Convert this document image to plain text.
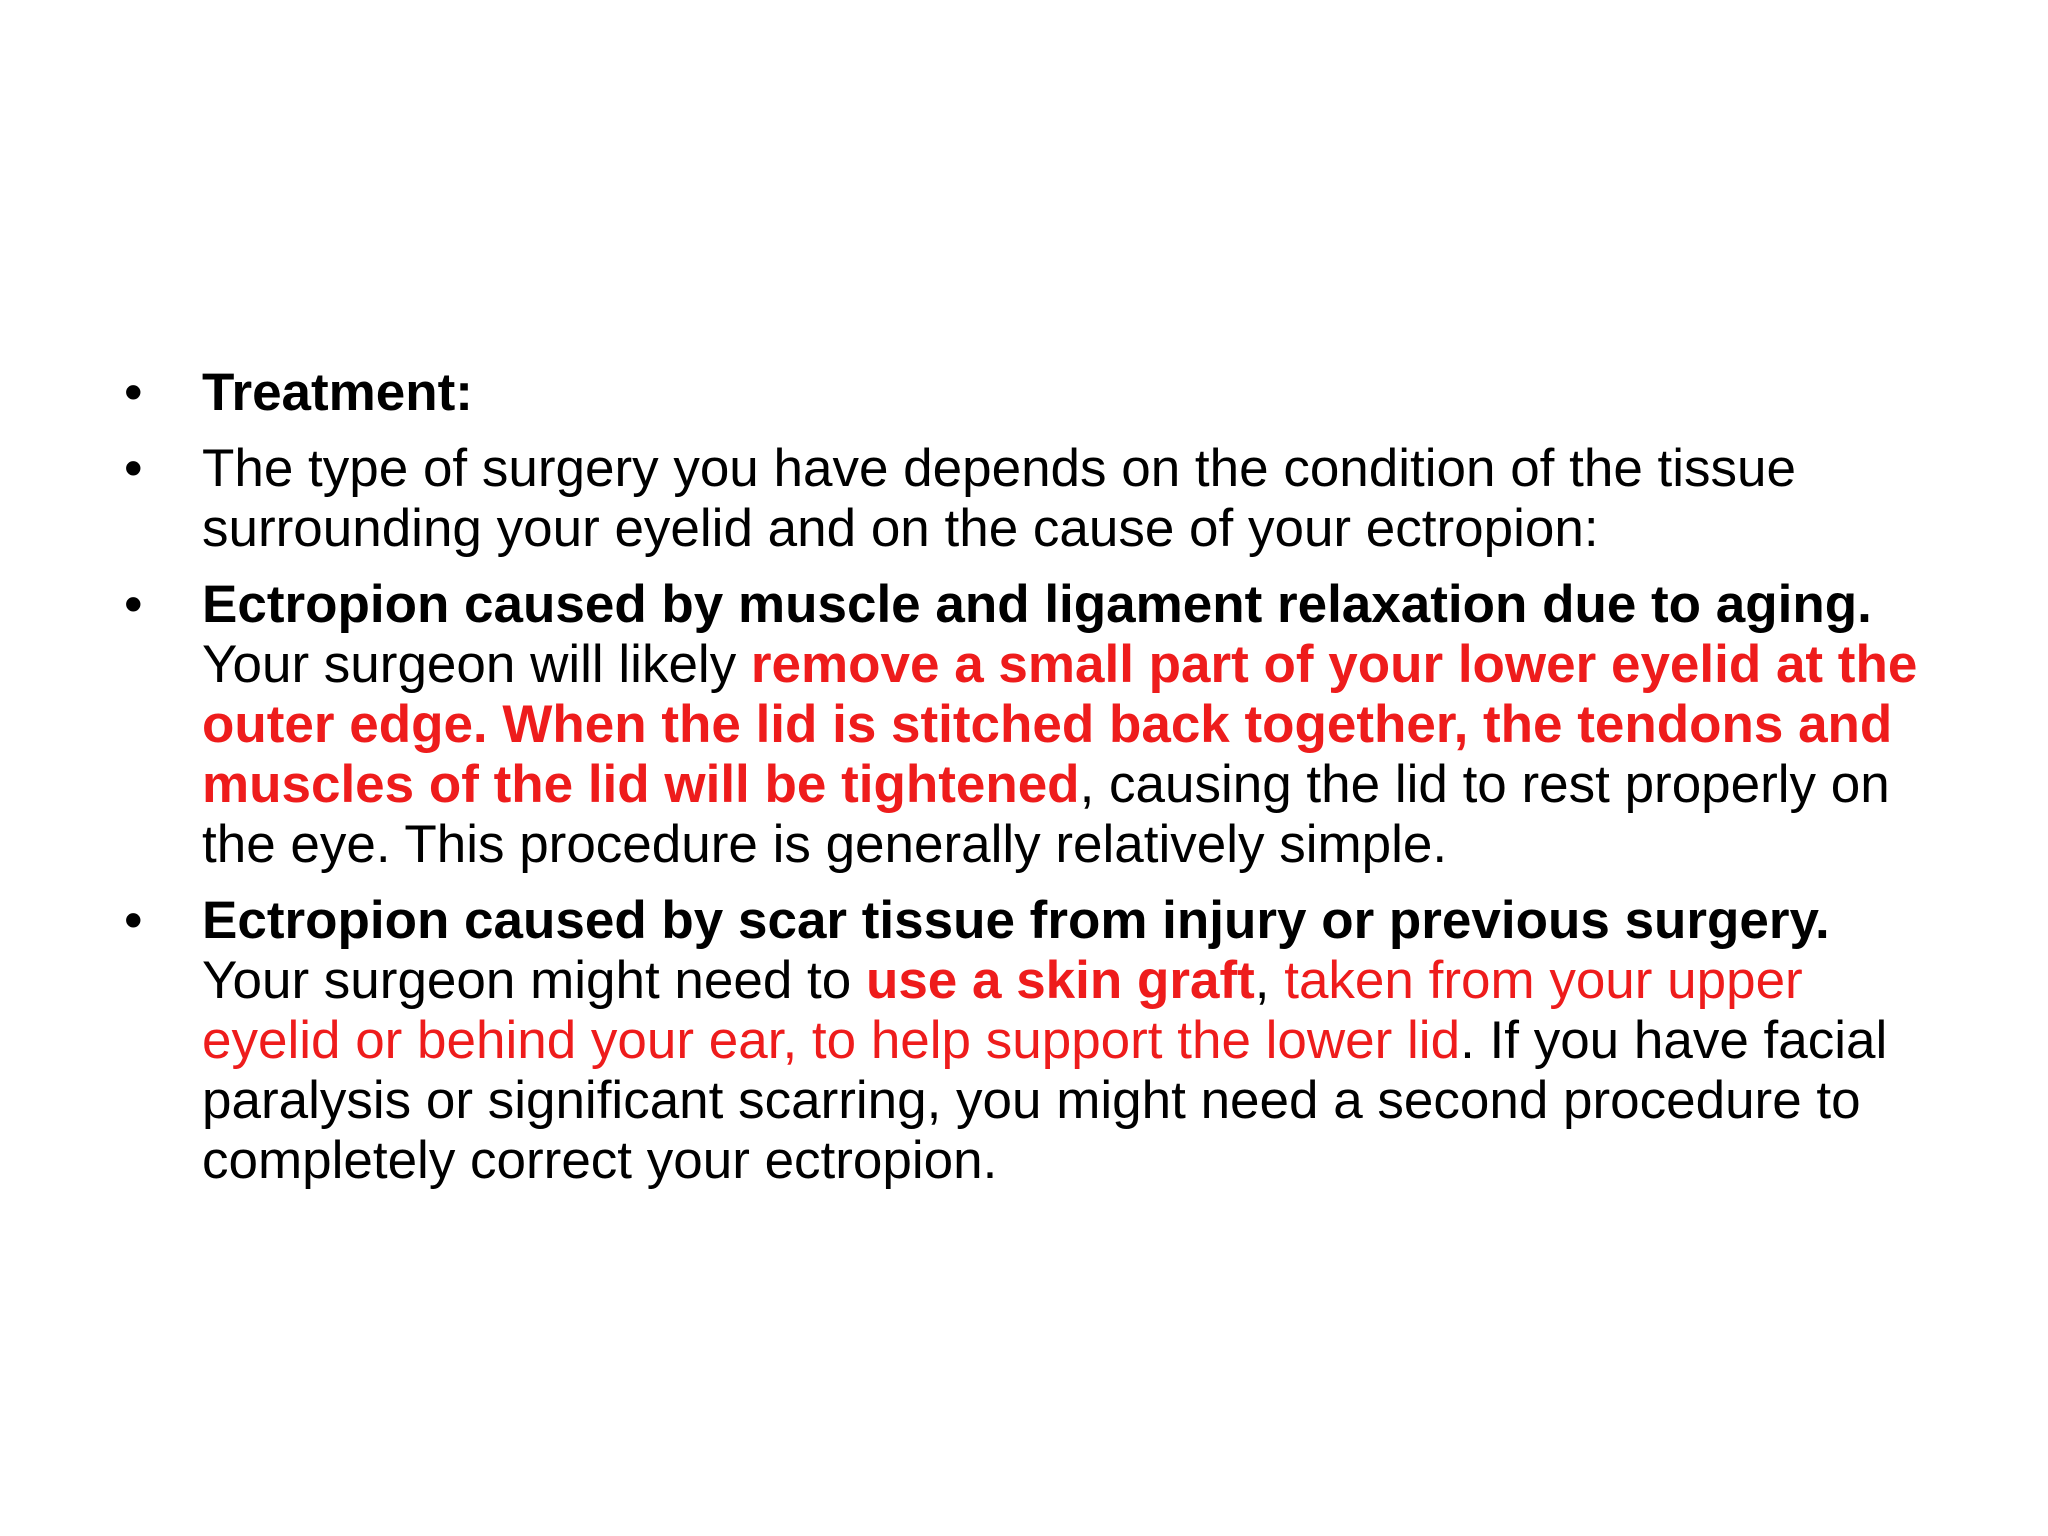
•	Treatment:
•	The type of surgery you have depends on the condition of the tissue surrounding your eyelid and on the cause of your ectropion:
•	Ectropion caused by muscle and ligament relaxation due to aging. Your surgeon will likely remove a small part of your lower eyelid at the outer edge. When the lid is stitched back together, the tendons and muscles of the lid will be tightened, causing the lid to rest properly on the eye. This procedure is generally relatively simple.
•	Ectropion caused by scar tissue from injury or previous surgery. Your surgeon might need to use a skin graft, taken from your upper eyelid or behind your ear, to help support the lower lid. If you have facial paralysis or significant scarring, you might need a second procedure to completely correct your ectropion.
